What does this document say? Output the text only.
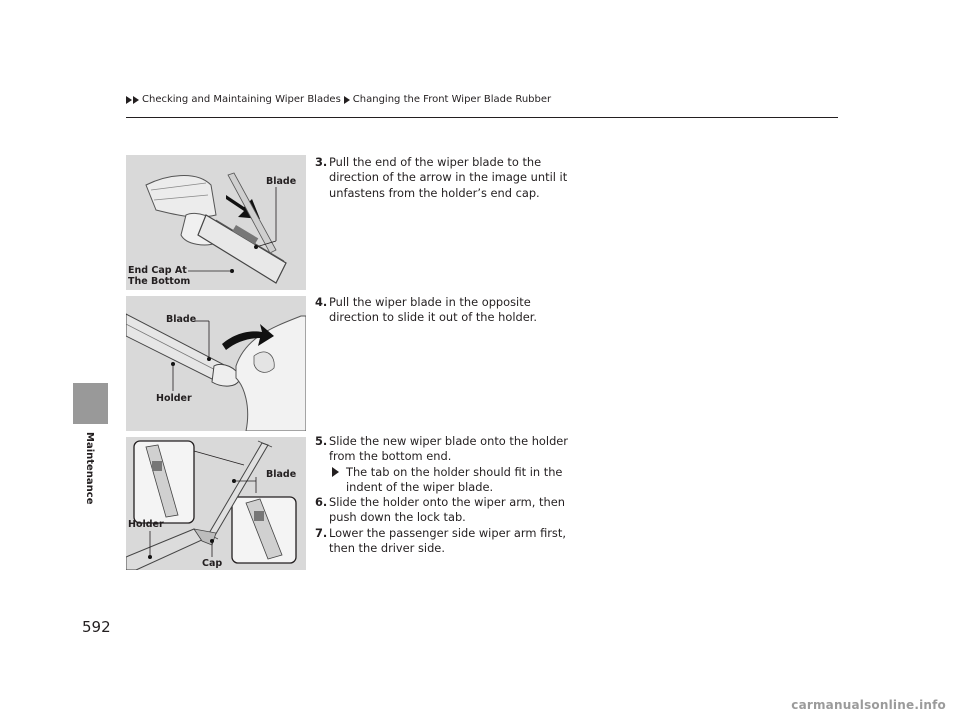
Checking and Maintaining Wiper Blades Changing the Front Wiper Blade Rubber
Maintenance
592
Blade
End Cap At
The Bottom
Blade
Holder
Blade
Holder
Cap
3. Pull the end of the wiper blade to the direction of the arrow in the image until it unfastens from the holder’s end cap.
4. Pull the wiper blade in the opposite direction to slide it out of the holder.
5. Slide the new wiper blade onto the holder from the bottom end.
The tab on the holder should fit in the indent of the wiper blade.
6. Slide the holder onto the wiper arm, then push down the lock tab.
7. Lower the passenger side wiper arm first, then the driver side.
carmanualsonline.info
